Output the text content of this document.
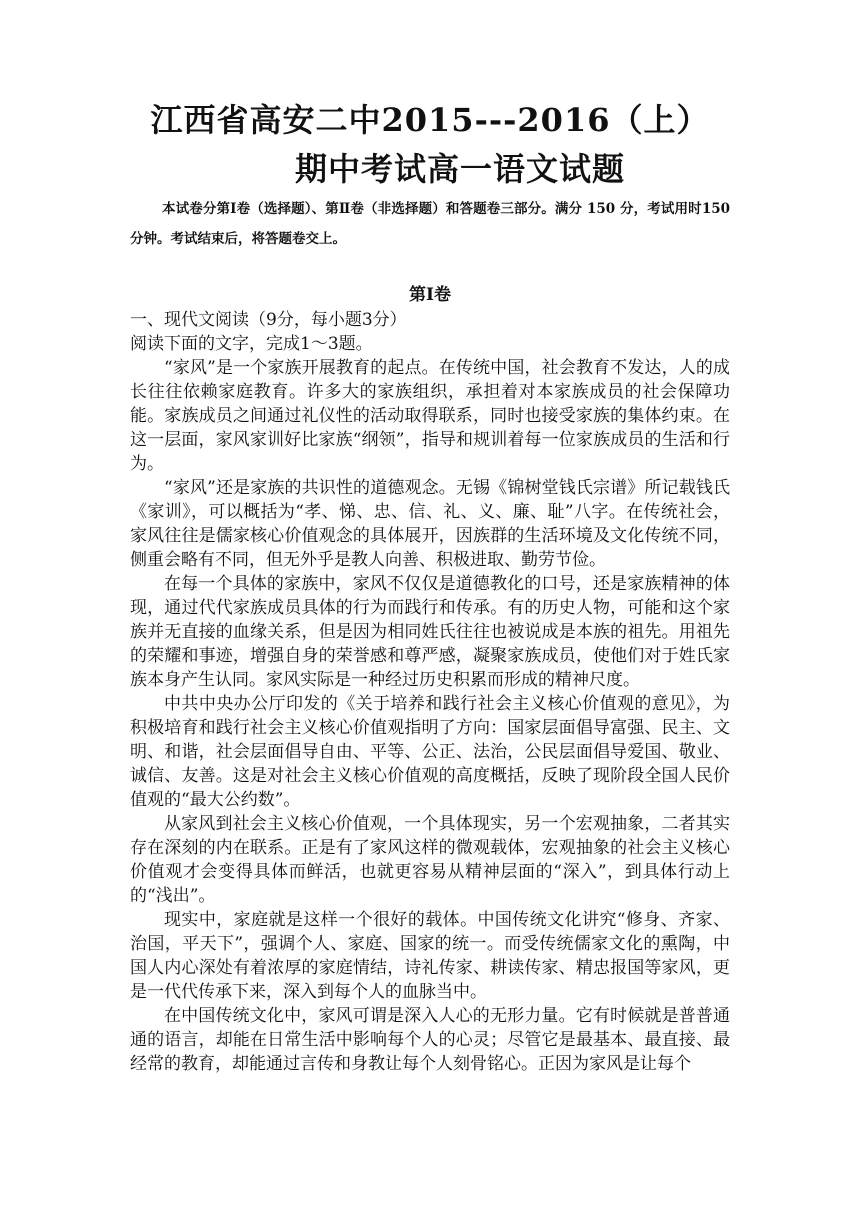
江西省高安二中2015---2016（上）
期中考试高一语文试题

本试卷分第Ⅰ卷（选择题）、第Ⅱ卷（非选择题）和答题卷三部分。满分 150 分，考试用时150分钟。考试结束后，将答题卷交上。

第Ⅰ卷

一、现代文阅读（9分，每小题3分）

阅读下面的文字，完成1～3题。

“家风”是一个家族开展教育的起点。在传统中国，社会教育不发达，人的成长往往依赖家庭教育。许多大的家族组织，承担着对本家族成员的社会保障功能。家族成员之间通过礼仪性的活动取得联系，同时也接受家族的集体约束。在这一层面，家风家训好比家族“纲领”，指导和规训着每一位家族成员的生活和行为。

“家风”还是家族的共识性的道德观念。无锡《锦树堂钱氏宗谱》所记载钱氏《家训》，可以概括为“孝、悌、忠、信、礼、义、廉、耻”八字。在传统社会，家风往往是儒家核心价值观念的具体展开，因族群的生活环境及文化传统不同，侧重会略有不同，但无外乎是教人向善、积极进取、勤劳节俭。

在每一个具体的家族中，家风不仅仅是道德教化的口号，还是家族精神的体现，通过代代家族成员具体的行为而践行和传承。有的历史人物，可能和这个家族并无直接的血缘关系，但是因为相同姓氏往往也被说成是本族的祖先。用祖先的荣耀和事迹，增强自身的荣誉感和尊严感，凝聚家族成员，使他们对于姓氏家族本身产生认同。家风实际是一种经过历史积累而形成的精神尺度。

中共中央办公厅印发的《关于培养和践行社会主义核心价值观的意见》，为积极培育和践行社会主义核心价值观指明了方向：国家层面倡导富强、民主、文明、和谐，社会层面倡导自由、平等、公正、法治，公民层面倡导爱国、敬业、诚信、友善。这是对社会主义核心价值观的高度概括，反映了现阶段全国人民价值观的“最大公约数”。

从家风到社会主义核心价值观，一个具体现实，另一个宏观抽象，二者其实存在深刻的内在联系。正是有了家风这样的微观载体，宏观抽象的社会主义核心价值观才会变得具体而鲜活，也就更容易从精神层面的“深入”，到具体行动上的“浅出”。

现实中，家庭就是这样一个很好的载体。中国传统文化讲究“修身、齐家、治国，平天下”，强调个人、家庭、国家的统一。而受传统儒家文化的熏陶，中国人内心深处有着浓厚的家庭情结，诗礼传家、耕读传家、精忠报国等家风，更是一代代传承下来，深入到每个人的血脉当中。

在中国传统文化中，家风可谓是深入人心的无形力量。它有时候就是普普通通的语言，却能在日常生活中影响每个人的心灵；尽管它是最基本、最直接、最经常的教育，却能通过言传和身教让每个人刻骨铭心。正因为家风是让每个
